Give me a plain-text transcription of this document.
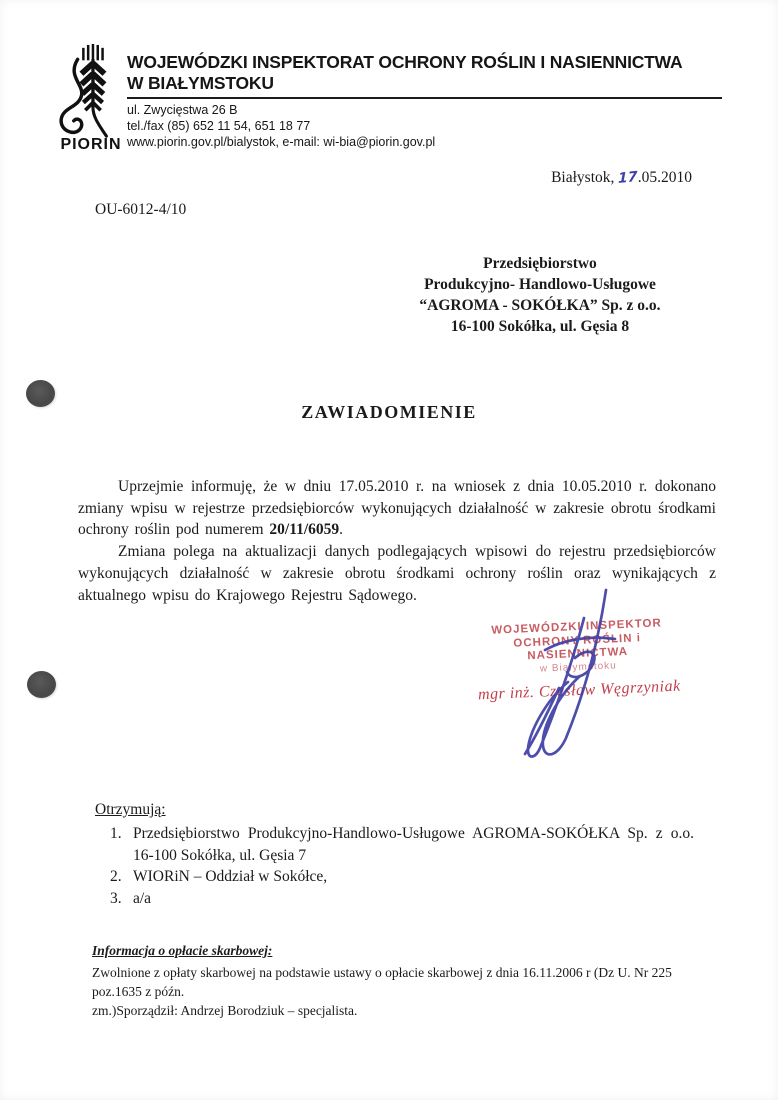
PIORIN
WOJEWÓDZKI INSPEKTORAT OCHRONY ROŚLIN I NASIENNICTWA
W BIAŁYMSTOKU
ul. Zwycięstwa 26 B
tel./fax (85) 652 11 54, 651 18 77
www.piorin.gov.pl/bialystok, e-mail: wi-bia@piorin.gov.pl
Białystok, 17.05.2010
OU-6012-4/10
Przedsiębiorstwo
Produkcyjno- Handlowo-Usługowe
“AGROMA - SOKÓŁKA” Sp. z o.o.
16-100 Sokółka, ul. Gęsia 8
ZAWIADOMIENIE

Uprzejmie informuję, że w dniu 17.05.2010 r. na wniosek z dnia 10.05.2010 r. dokonano zmiany wpisu w rejestrze przedsiębiorców wykonujących działalność w zakresie obrotu środkami ochrony roślin pod numerem 20/11/6059.

Zmiana polega na aktualizacji danych podlegających wpisowi do rejestru przedsiębiorców wykonujących działalność w zakresie obrotu środkami ochrony roślin oraz wynikających z aktualnego wpisu do Krajowego Rejestru Sądowego.

WOJEWÓDZKI INSPEKTOR
OCHRONY ROŚLIN i NASIENNICTWA
w Białymstoku
mgr inż. Czesław Węgrzyniak
Otrzymują:
1. Przedsiębiorstwo Produkcyjno-Handlowo-Usługowe AGROMA-SOKÓŁKA Sp. z o.o.
16-100 Sokółka, ul. Gęsia 7
2. WIORiN – Oddział w Sokółce,
3. a/a
Informacja o opłacie skarbowej:
Zwolnione z opłaty skarbowej na podstawie ustawy o opłacie skarbowej z dnia 16.11.2006 r (Dz U. Nr 225 poz.1635 z późn.
zm.)Sporządził: Andrzej Borodziuk – specjalista.
